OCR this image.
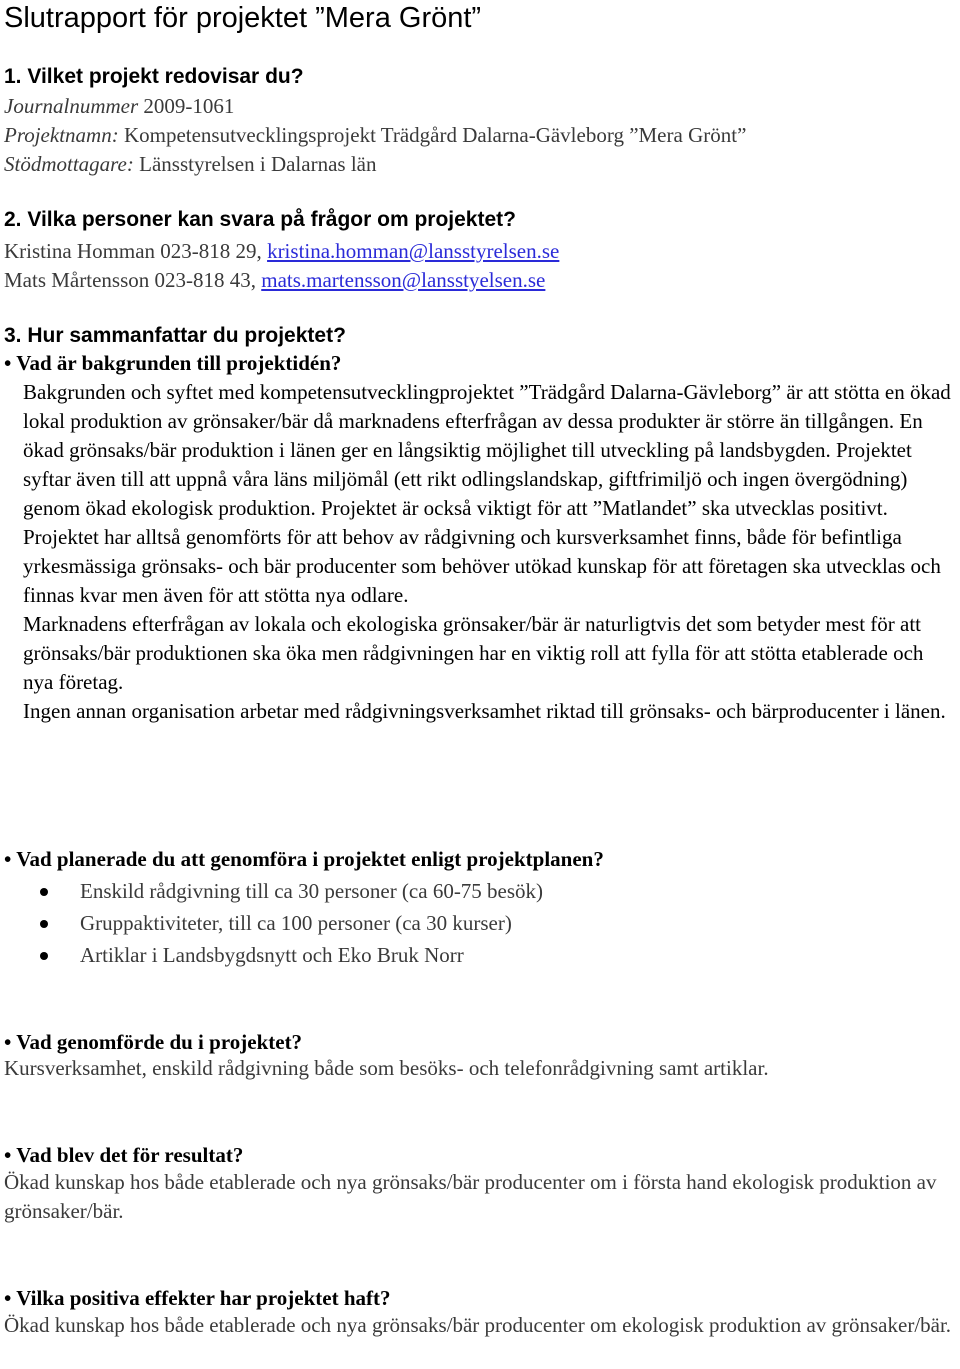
Slutrapport för projektet ”Mera Grönt”
1. Vilket projekt redovisar du?
Journalnummer 2009-1061
Projektnamn: Kompetensutvecklingsprojekt Trädgård Dalarna-Gävleborg ”Mera Grönt”
Stödmottagare: Länsstyrelsen i Dalarnas län
2. Vilka personer kan svara på frågor om projektet?
Kristina Homman 023-818 29, kristina.homman@lansstyrelsen.se
Mats Mårtensson 023-818 43, mats.martensson@lansstyelsen.se
3. Hur sammanfattar du projektet?
• Vad är bakgrunden till projektidén?

Bakgrunden och syftet med kompetensutvecklingprojektet ”Trädgård Dalarna-Gävleborg” är att stötta en ökad lokal produktion av grönsaker/bär då marknadens efterfrågan av dessa produkter är större än tillgången. En ökad grönsaks/bär produktion i länen ger en långsiktig möjlighet till utveckling på landsbygden. Projektet syftar även till att uppnå våra läns miljömål (ett rikt odlingslandskap, giftfrimiljö och ingen övergödning) genom ökad ekologisk produktion. Projektet är också viktigt för att ”Matlandet” ska utvecklas positivt.

Projektet har alltså genomförts för att behov av rådgivning och kursverksamhet finns, både för befintliga yrkesmässiga grönsaks- och bär producenter som behöver utökad kunskap för att företagen ska utvecklas och finnas kvar men även för att stötta nya odlare.

Marknadens efterfrågan av lokala och ekologiska grönsaker/bär är naturligtvis det som betyder mest för att grönsaks/bär produktionen ska öka men rådgivningen har en viktig roll att fylla för att stötta etablerade och nya företag.

Ingen annan organisation arbetar med rådgivningsverksamhet riktad till grönsaks- och bärproducenter i länen.

• Vad planerade du att genomföra i projektet enligt projektplanen?
Enskild rådgivning till ca 30 personer (ca 60-75 besök)
Gruppaktiviteter, till ca 100 personer (ca 30 kurser)
Artiklar i Landsbygdsnytt och Eko Bruk Norr
• Vad genomförde du i projektet?
Kursverksamhet, enskild rådgivning både som besöks- och telefonrådgivning samt artiklar.
• Vad blev det för resultat?
Ökad kunskap hos både etablerade och nya grönsaks/bär producenter om i första hand ekologisk produktion av grönsaker/bär.
• Vilka positiva effekter har projektet haft?
Ökad kunskap hos både etablerade och nya grönsaks/bär producenter om ekologisk produktion av grönsaker/bär.
